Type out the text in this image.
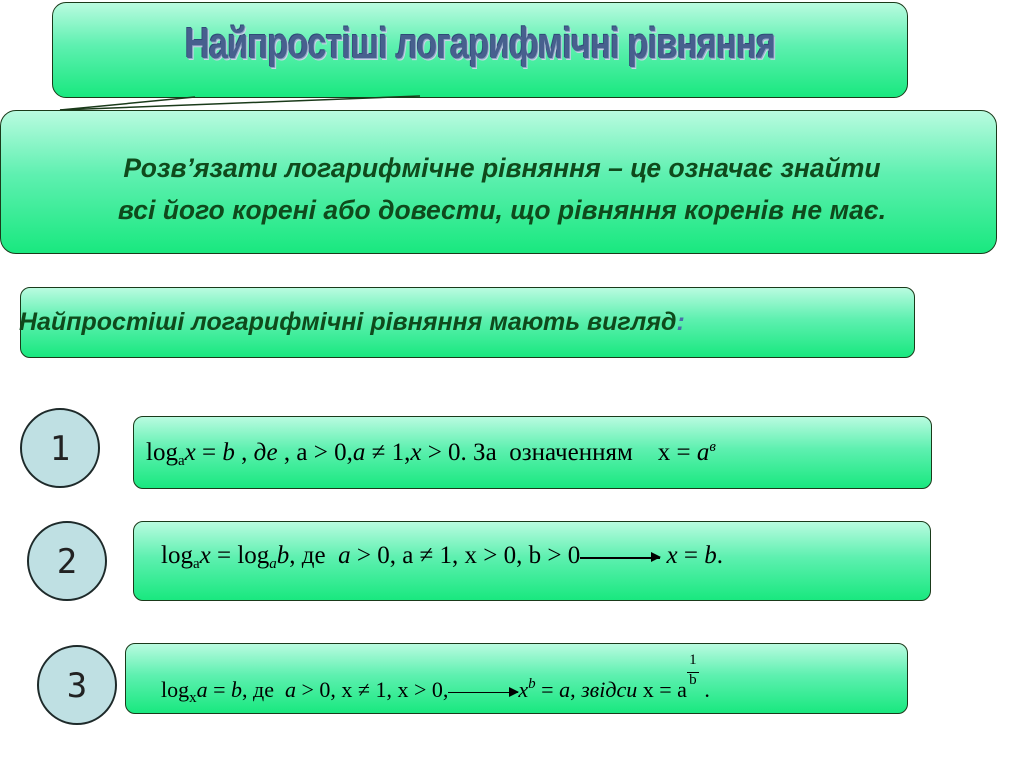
Найпростіші логарифмічні рівняння
Розв’язати логарифмічне рівняння – це означає знайти
всі його корені або довести, що рівняння коренів не має.
Найпростіші логарифмічні рівняння мають вигляд:
1
2
3
$\log_ax = b$ , де , a > 0,a ≠ 1,x > 0. За означенням $x = a^в$
$\log_ax = \log_ab$, де  a > 0, a ≠ 1, x > 0, b > 0	x = b.
$\log_xa = b$, де  a > 0, x ≠ 1, x > 0,	$x^b = a$, звідси x = a
$\frac{1}{b}$
.
